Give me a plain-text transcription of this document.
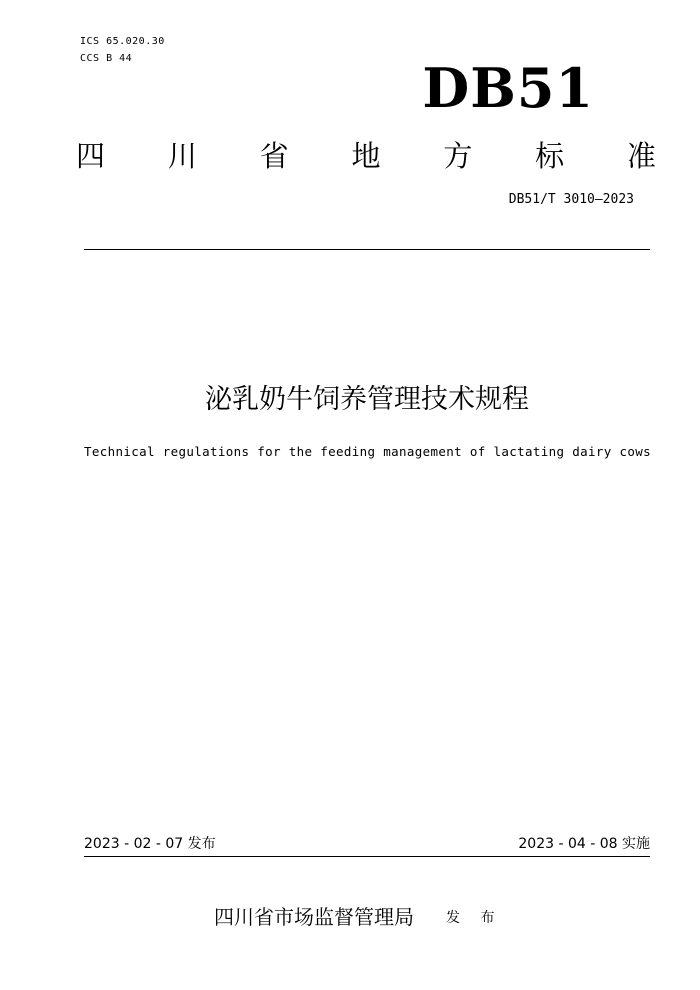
ICS 65.020.30
CCS B 44	DB51
四 川 省 地 方 标 准
DB51/T 3010—2023
泌乳奶牛饲养管理技术规程
Technical regulations for the feeding management of lactating dairy cows
2023 - 02 - 07 发布	2023 - 04 - 08 实施
四川省市场监督管理局 发 布
